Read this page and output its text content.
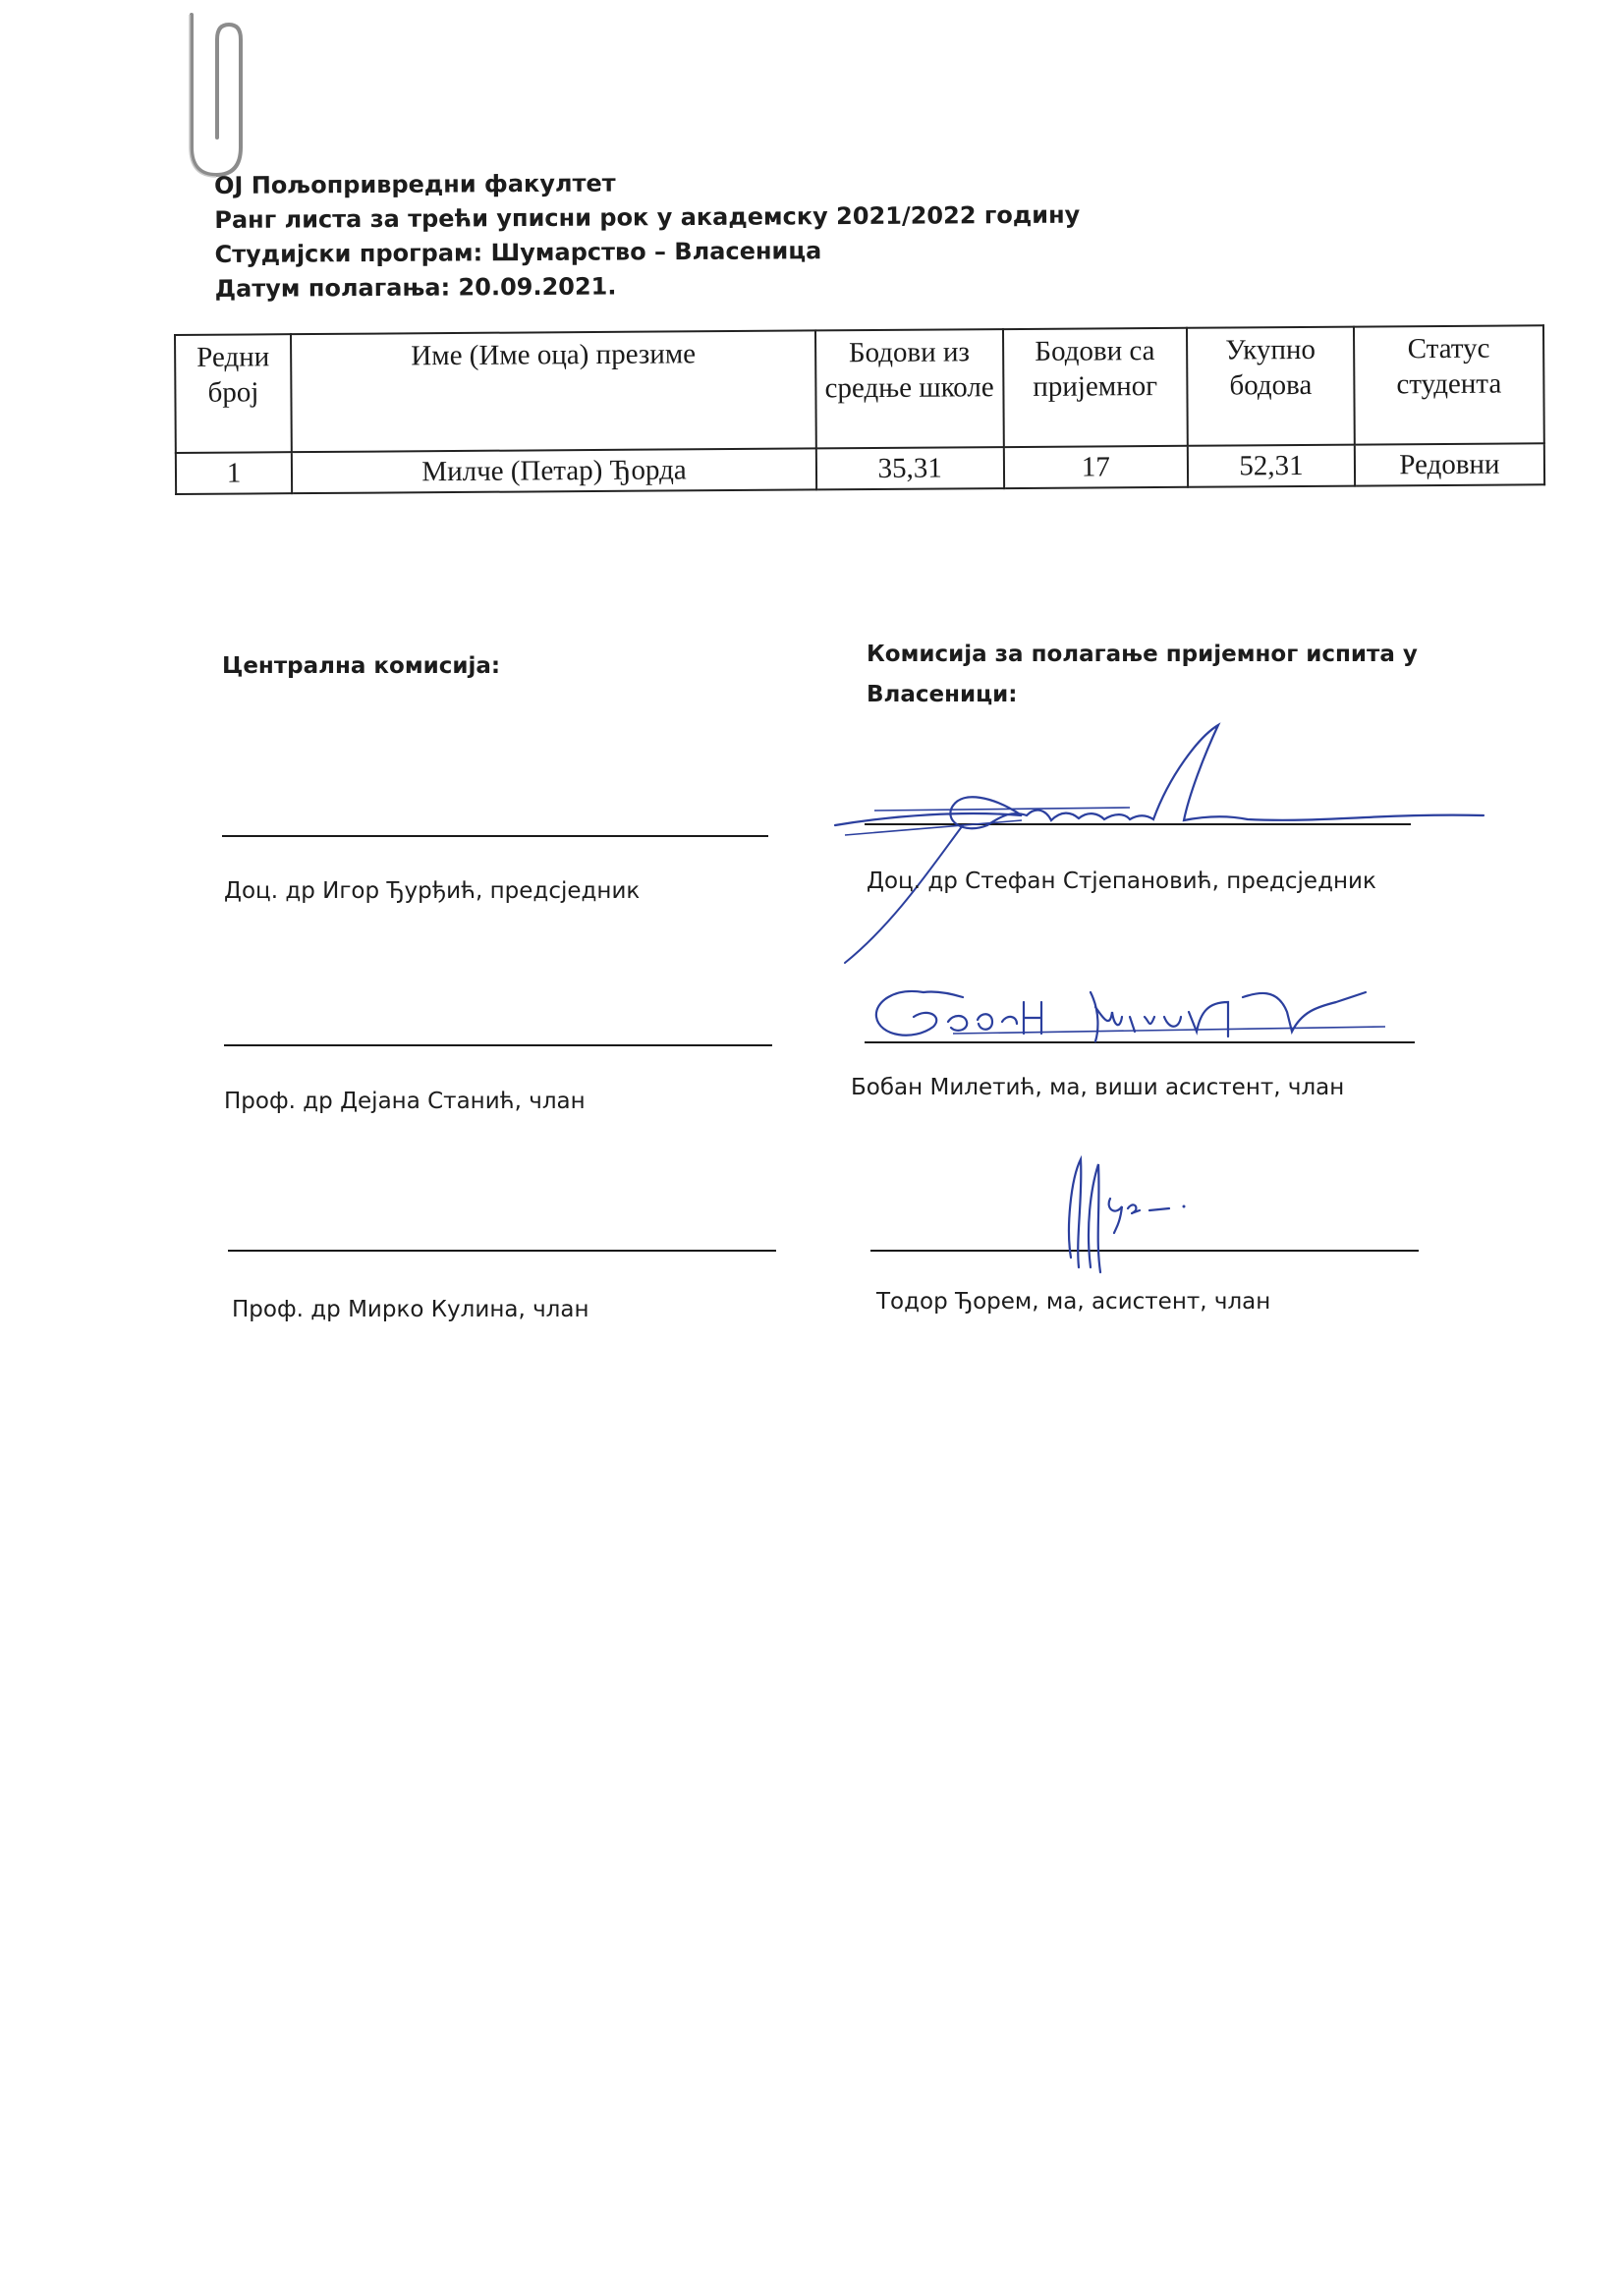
ОЈ Пољопривредни факултет
Ранг листа за трећи уписни рок у академску 2021/2022 годину
Студијски програм: Шумарство – Власеница
Датум полагања: 20.09.2021.
Редни број	Име (Име оца) презиме	Бодови из средње школе	Бодови са пријемног	Укупно бодова	Статус студента
1	Милче (Петар) Ђорда	35,31	17	52,31	Редовни
Централна комисија:
Доц. др Игор Ђурђић, предсједник
Проф. др Дејана Станић, члан
Проф. др Мирко Кулина, члан
Комисија за полагање пријемног испита у Власеници:
Доц. др Стефан Стјепановић, предсједник
Бобан Милетић, ма, виши асистент, члан
Тодор Ђорем, ма, асистент, члан
